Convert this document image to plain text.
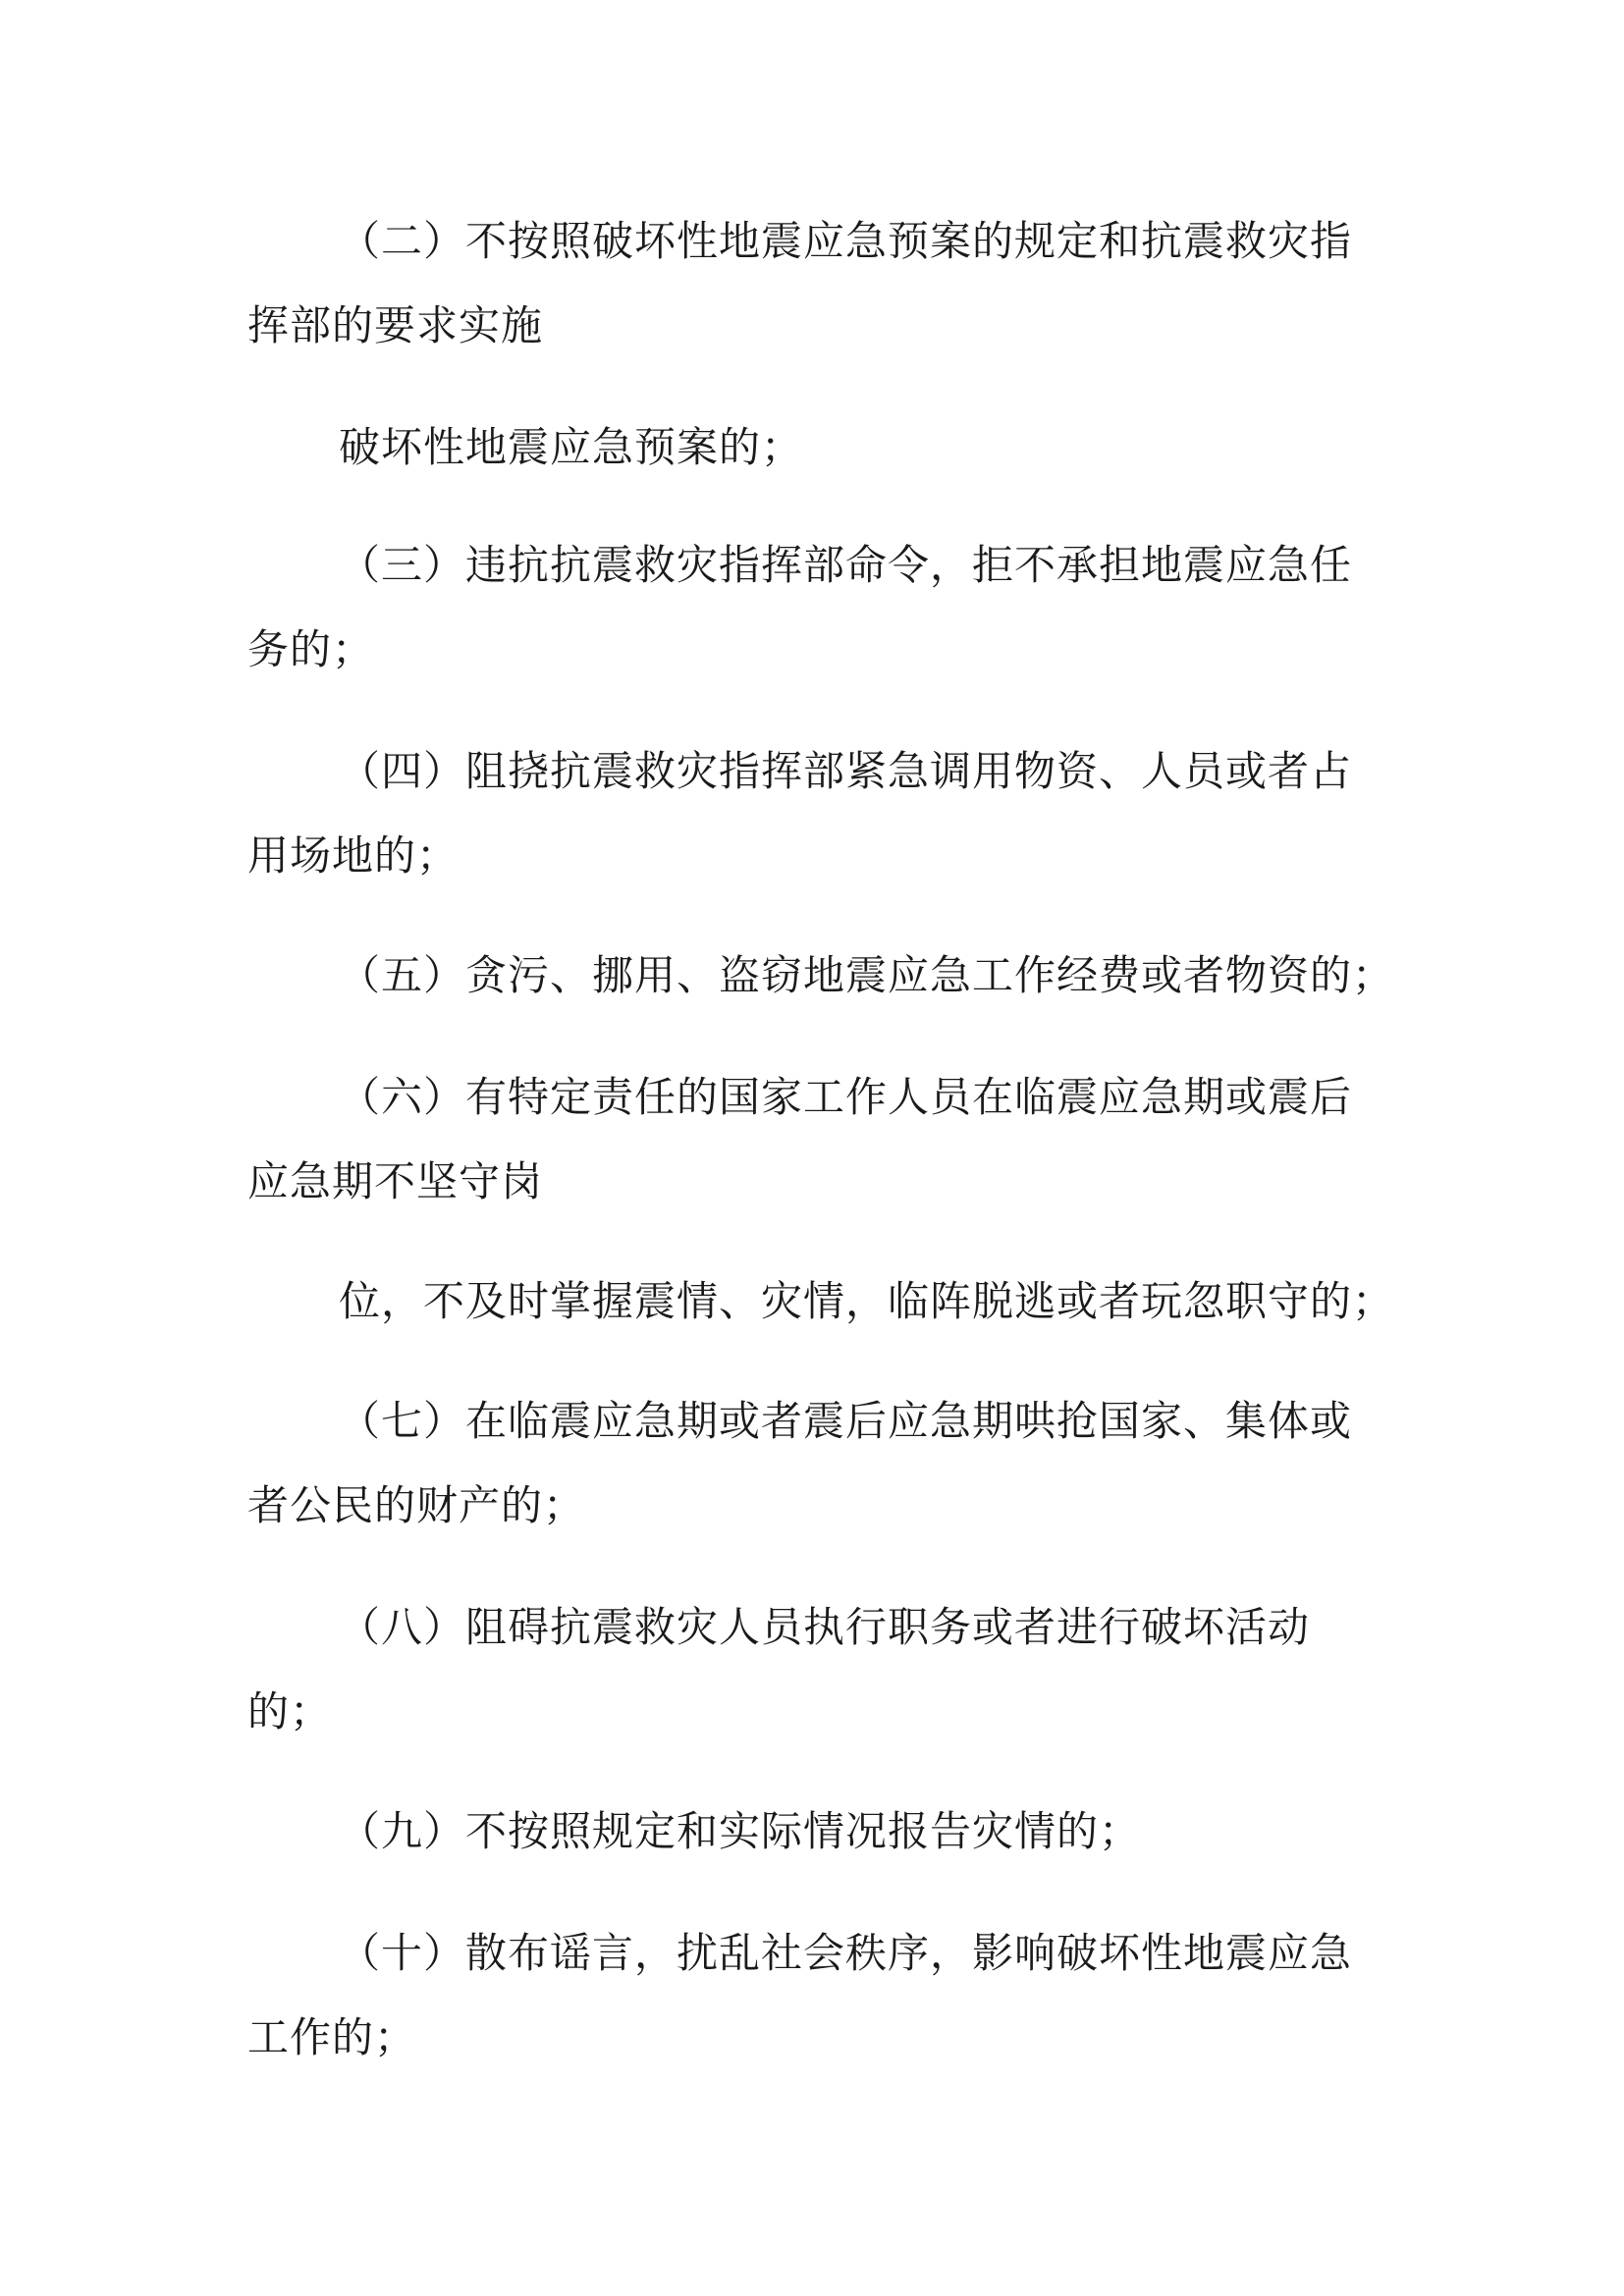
（二）不按照破坏性地震应急预案的规定和抗震救灾指
挥部的要求实施
破坏性地震应急预案的；
（三）违抗抗震救灾指挥部命令，拒不承担地震应急任
务的；
（四）阻挠抗震救灾指挥部紧急调用物资、人员或者占
用场地的；
（五）贪污、挪用、盗窃地震应急工作经费或者物资的；
（六）有特定责任的国家工作人员在临震应急期或震后
应急期不坚守岗
位，不及时掌握震情、灾情，临阵脱逃或者玩忽职守的；
（七）在临震应急期或者震后应急期哄抢国家、集体或
者公民的财产的；
（八）阻碍抗震救灾人员执行职务或者进行破坏活动
的；
（九）不按照规定和实际情况报告灾情的；
（十）散布谣言，扰乱社会秩序，影响破坏性地震应急
工作的；
